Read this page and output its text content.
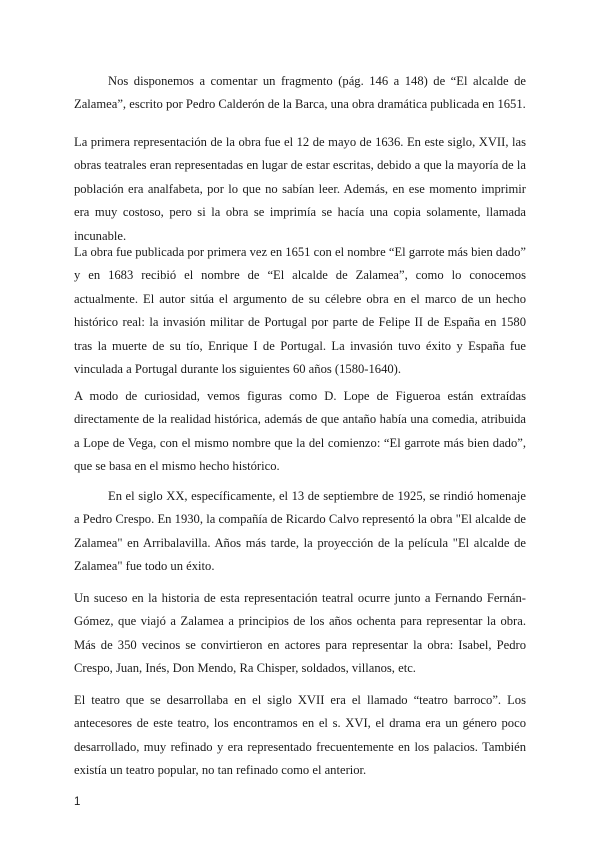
Nos disponemos a comentar un fragmento (pág. 146 a 148) de “El alcalde de Zalamea”, escrito por Pedro Calderón de la Barca, una obra dramática publicada en 1651.

La primera representación de la obra fue el 12 de mayo de 1636. En este siglo, XVII, las obras teatrales eran representadas en lugar de estar escritas, debido a que la mayoría de la población era analfabeta, por lo que no sabían leer. Además, en ese momento imprimir era muy costoso, pero si la obra se imprimía se hacía una copia solamente, llamada incunable.

La obra fue publicada por primera vez en 1651 con el nombre “El garrote más bien dado” y en 1683 recibió el nombre de “El alcalde de Zalamea”, como lo conocemos actualmente. El autor sitúa el argumento de su célebre obra en el marco de un hecho histórico real: la invasión militar de Portugal por parte de Felipe II de España en 1580 tras la muerte de su tío, Enrique I de Portugal. La invasión tuvo éxito y España fue vinculada a Portugal durante los siguientes 60 años (1580-1640).

A modo de curiosidad, vemos figuras como D. Lope de Figueroa están extraídas directamente de la realidad histórica, además de que antaño había una comedia, atribuida a Lope de Vega, con el mismo nombre que la del comienzo: “El garrote más bien dado”, que se basa en el mismo hecho histórico.

En el siglo XX, específicamente, el 13 de septiembre de 1925, se rindió homenaje a Pedro Crespo. En 1930, la compañía de Ricardo Calvo representó la obra "El alcalde de Zalamea" en Arribalavilla. Años más tarde, la proyección de la película "El alcalde de Zalamea" fue todo un éxito.

Un suceso en la historia de esta representación teatral ocurre junto a Fernando Fernán-Gómez, que viajó a Zalamea a principios de los años ochenta para representar la obra. Más de 350 vecinos se convirtieron en actores para representar la obra: Isabel, Pedro Crespo, Juan, Inés, Don Mendo, Ra Chisper, soldados, villanos, etc.

El teatro que se desarrollaba en el siglo XVII era el llamado “teatro barroco”. Los antecesores de este teatro, los encontramos en el s. XVI, el drama era un género poco desarrollado, muy refinado y era representado frecuentemente en los palacios. También existía un teatro popular, no tan refinado como el anterior.

1
